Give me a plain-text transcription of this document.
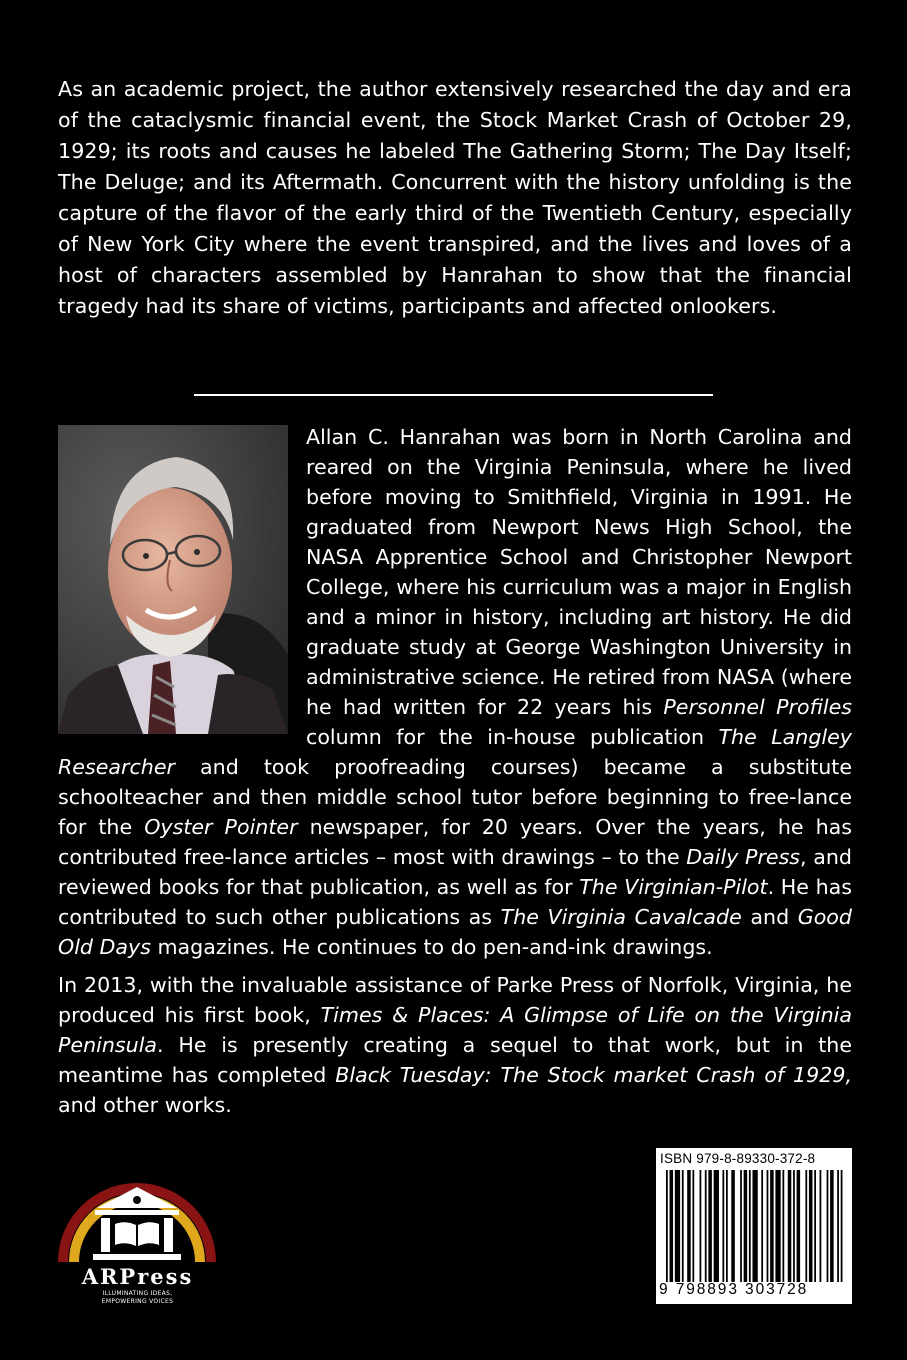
As an academic project, the author extensively researched the day and era of the cataclysmic financial event, the Stock Market Crash of October 29, 1929; its roots and causes he labeled The Gathering Storm; The Day Itself; The Deluge; and its Aftermath. Concurrent with the history unfolding is the capture of the flavor of the early third of the Twentieth Century, especially of New York City where the event transpired, and the lives and loves of a host of characters assembled by Hanrahan to show that the financial tragedy had its share of victims, participants and affected onlookers.

Allan C. Hanrahan was born in North Carolina and reared on the Virginia Peninsula, where he lived before moving to Smithfield, Virginia in 1991. He graduated from Newport News High School, the NASA Apprentice School and Christopher Newport College, where his curriculum was a major in English and a minor in history, including art history. He did graduate study at George Washington University in administrative science. He retired from NASA (where he had written for 22 years his Personnel Profiles column for the in-house publication The Langley Researcher and took proofreading courses) became a substitute schoolteacher and then middle school tutor before beginning to free-lance for the Oyster Pointer newspaper, for 20 years. Over the years, he has contributed free-lance articles – most with drawings – to the Daily Press, and reviewed books for that publication, as well as for The Virginian-Pilot. He has contributed to such other publications as The Virginia Cavalcade and Good Old Days magazines. He continues to do pen-and-ink drawings.

In 2013, with the invaluable assistance of Parke Press of Norfolk, Virginia, he produced his first book, Times & Places: A Glimpse of Life on the Virginia Peninsula. He is presently creating a sequel to that work, but in the meantime has completed Black Tuesday: The Stock market Crash of 1929, and other works.

ARPress
ILLUMINATING IDEAS,
EMPOWERING VOICES
ISBN 979-8-89330-372-8
9 798893 303728
